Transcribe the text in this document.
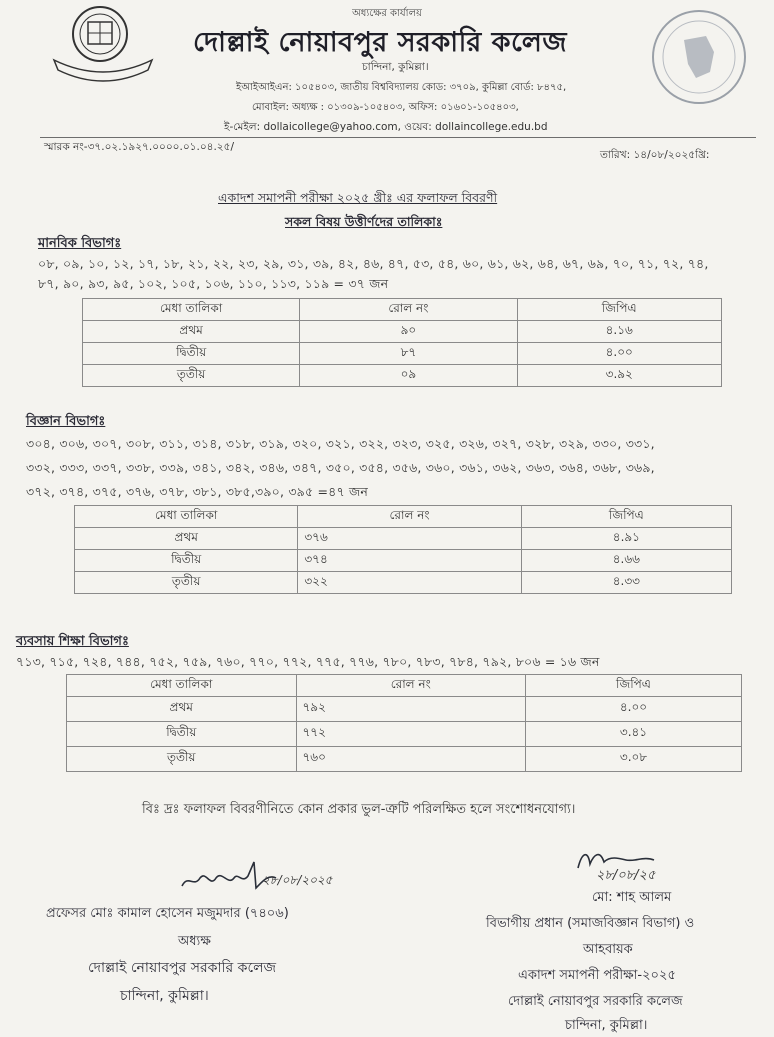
অধ্যক্ষের কার্যালয়
দোল্লাই নোয়াবপুর সরকারি কলেজ
চান্দিনা, কুমিল্লা।
ইআইআইএন: ১০৫৪০৩, জাতীয় বিশ্ববিদ্যালয় কোড: ৩৭০৯, কুমিল্লা বোর্ড: ৮৪৭৫,
মোবাইল: অধ্যক্ষ : ০১৩০৯-১০৫৪০৩, অফিস: ০১৬০১-১০৫৪০৩,
ই-মেইল: dollaicollege@yahoo.com, ওয়েব: dollaincollege.edu.bd
স্মারক নং-৩৭.০২.১৯২৭.০০০০.০১.০৪.২৫/
তারিখ: ১৪/০৮/২০২৫খ্রি:
একাদশ সমাপনী পরীক্ষা ২০২৫ খ্রীঃ এর ফলাফল বিবরণী
সকল বিষয় উত্তীর্ণদের তালিকাঃ
মানবিক বিভাগঃ
০৮, ০৯, ১০, ১২, ১৭, ১৮, ২১, ২২, ২৩, ২৯, ৩১, ৩৯, ৪২, ৪৬, ৪৭, ৫৩, ৫৪, ৬০, ৬১, ৬২, ৬৪, ৬৭, ৬৯, ৭০, ৭১, ৭২, ৭৪,
৮৭, ৯০, ৯৩, ৯৫, ১০২, ১০৫, ১০৬, ১১০, ১১৩, ১১৯ = ৩৭ জন
মেধা তালিকা	রোল নং	জিপিএ
প্রথম	৯০	৪.১৬
দ্বিতীয়	৮৭	৪.০০
তৃতীয়	০৯	৩.৯২
বিজ্ঞান বিভাগঃ
৩০৪, ৩০৬, ৩০৭, ৩০৮, ৩১১, ৩১৪, ৩১৮, ৩১৯, ৩২০, ৩২১, ৩২২, ৩২৩, ৩২৫, ৩২৬, ৩২৭, ৩২৮, ৩২৯, ৩৩০, ৩৩১,
৩৩২, ৩৩৩, ৩৩৭, ৩৩৮, ৩৩৯, ৩৪১, ৩৪২, ৩৪৬, ৩৪৭, ৩৫০, ৩৫৪, ৩৫৬, ৩৬০, ৩৬১, ৩৬২, ৩৬৩, ৩৬৪, ৩৬৮, ৩৬৯,
৩৭২, ৩৭৪, ৩৭৫, ৩৭৬, ৩৭৮, ৩৮১, ৩৮৫,৩৯০, ৩৯৫ =৪৭ জন
মেধা তালিকা	রোল নং	জিপিএ
প্রথম	৩৭৬	৪.৯১
দ্বিতীয়	৩৭৪	৪.৬৬
তৃতীয়	৩২২	৪.৩৩
ব্যবসায় শিক্ষা বিভাগঃ
৭১৩, ৭১৫, ৭২৪, ৭৪৪, ৭৫২, ৭৫৯, ৭৬০, ৭৭০, ৭৭২, ৭৭৫, ৭৭৬, ৭৮০, ৭৮৩, ৭৮৪, ৭৯২, ৮০৬ = ১৬ জন
মেধা তালিকা	রোল নং	জিপিএ
প্রথম	৭৯২	৪.০০
দ্বিতীয়	৭৭২	৩.৪১
তৃতীয়	৭৬০	৩.০৮
বিঃ দ্রঃ ফলাফল বিবরণীনিতে কোন প্রকার ভুল-ত্রুটি পরিলক্ষিত হলে সংশোধনযোগ্য।
২৮/০৮/২০২৫
প্রফেসর মোঃ কামাল হোসেন মজুমদার (৭৪০৬)
অধ্যক্ষ
দোল্লাই নোয়াবপুর সরকারি কলেজ
চান্দিনা, কুমিল্লা।
২৮/০৮/২৫
মো: শাহ আলম
বিভাগীয় প্রধান (সমাজবিজ্ঞান বিভাগ) ও
আহবায়ক
একাদশ সমাপনী পরীক্ষা-২০২৫
দোল্লাই নোয়াবপুর সরকারি কলেজ
চান্দিনা, কুমিল্লা।
